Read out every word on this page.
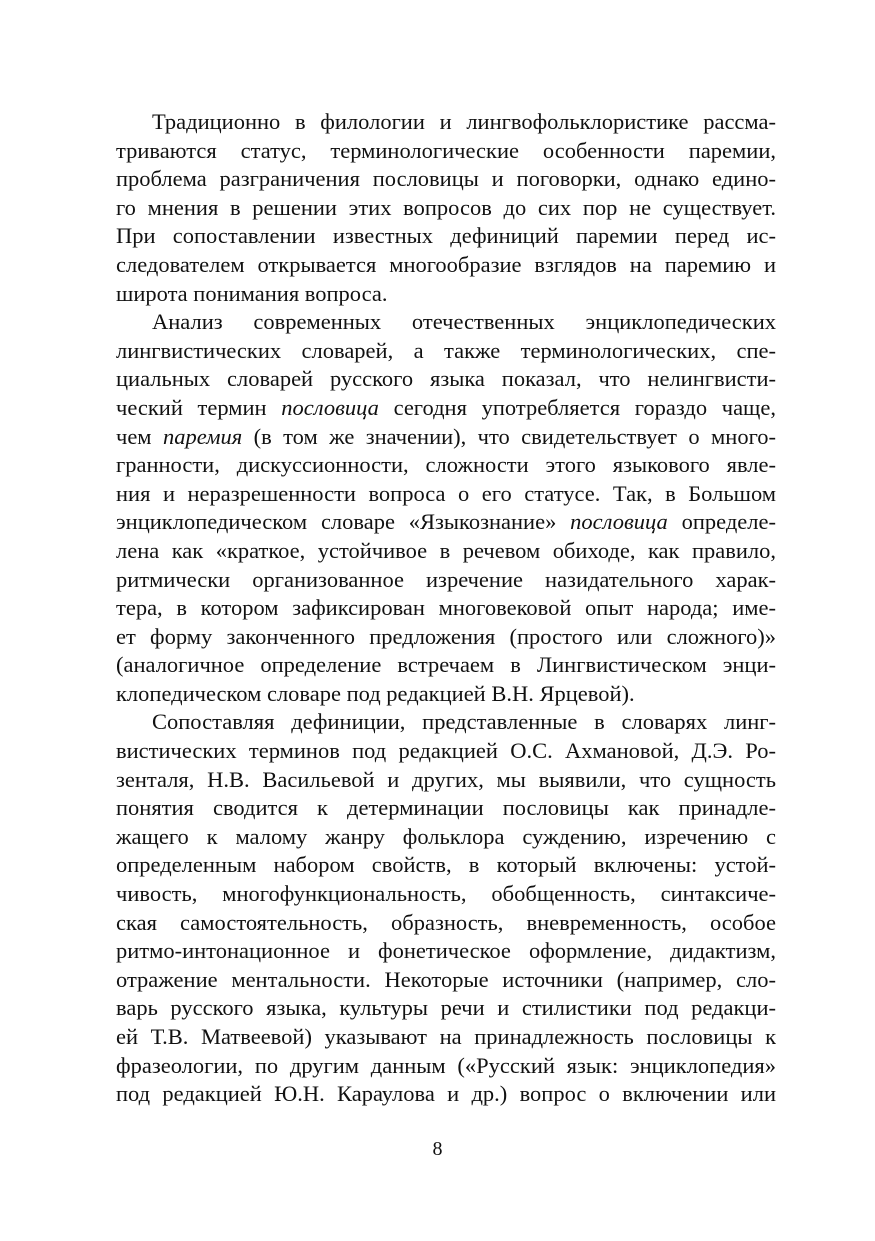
Традиционно в филологии и лингвофольклористике рассма-
триваются статус, терминологические особенности паремии,
проблема разграничения пословицы и поговорки, однако едино-
го мнения в решении этих вопросов до сих пор не существует.
При сопоставлении известных дефиниций паремии перед ис-
следователем открывается многообразие взглядов на паремию и
широта понимания вопроса.
Анализ современных отечественных энциклопедических
лингвистических словарей, а также терминологических, спе-
циальных словарей русского языка показал, что нелингвисти-
ческий термин пословица сегодня употребляется гораздо чаще,
чем паремия (в том же значении), что свидетельствует о много-
гранности, дискуссионности, сложности этого языкового явле-
ния и неразрешенности вопроса о его статусе. Так, в Большом
энциклопедическом словаре «Языкознание» пословица определе-
лена как «краткое, устойчивое в речевом обиходе, как правило,
ритмически организованное изречение назидательного харак-
тера, в котором зафиксирован многовековой опыт народа; име-
ет форму законченного предложения (простого или сложного)»
(аналогичное определение встречаем в Лингвистическом энци-
клопедическом словаре под редакцией В.Н. Ярцевой).
Сопоставляя дефиниции, представленные в словарях линг-
вистических терминов под редакцией О.С. Ахмановой, Д.Э. Ро-
зенталя, Н.В. Васильевой и других, мы выявили, что сущность
понятия сводится к детерминации пословицы как принадле-
жащего к малому жанру фольклора суждению, изречению с
определенным набором свойств, в который включены: устой-
чивость, многофункциональность, обобщенность, синтаксиче-
ская самостоятельность, образность, вневременность, особое
ритмо-интонационное и фонетическое оформление, дидактизм,
отражение ментальности. Некоторые источники (например, сло-
варь русского языка, культуры речи и стилистики под редакци-
ей Т.В. Матвеевой) указывают на принадлежность пословицы к
фразеологии, по другим данным («Русский язык: энциклопедия»
под редакцией Ю.Н. Караулова и др.) вопрос о включении или
8
